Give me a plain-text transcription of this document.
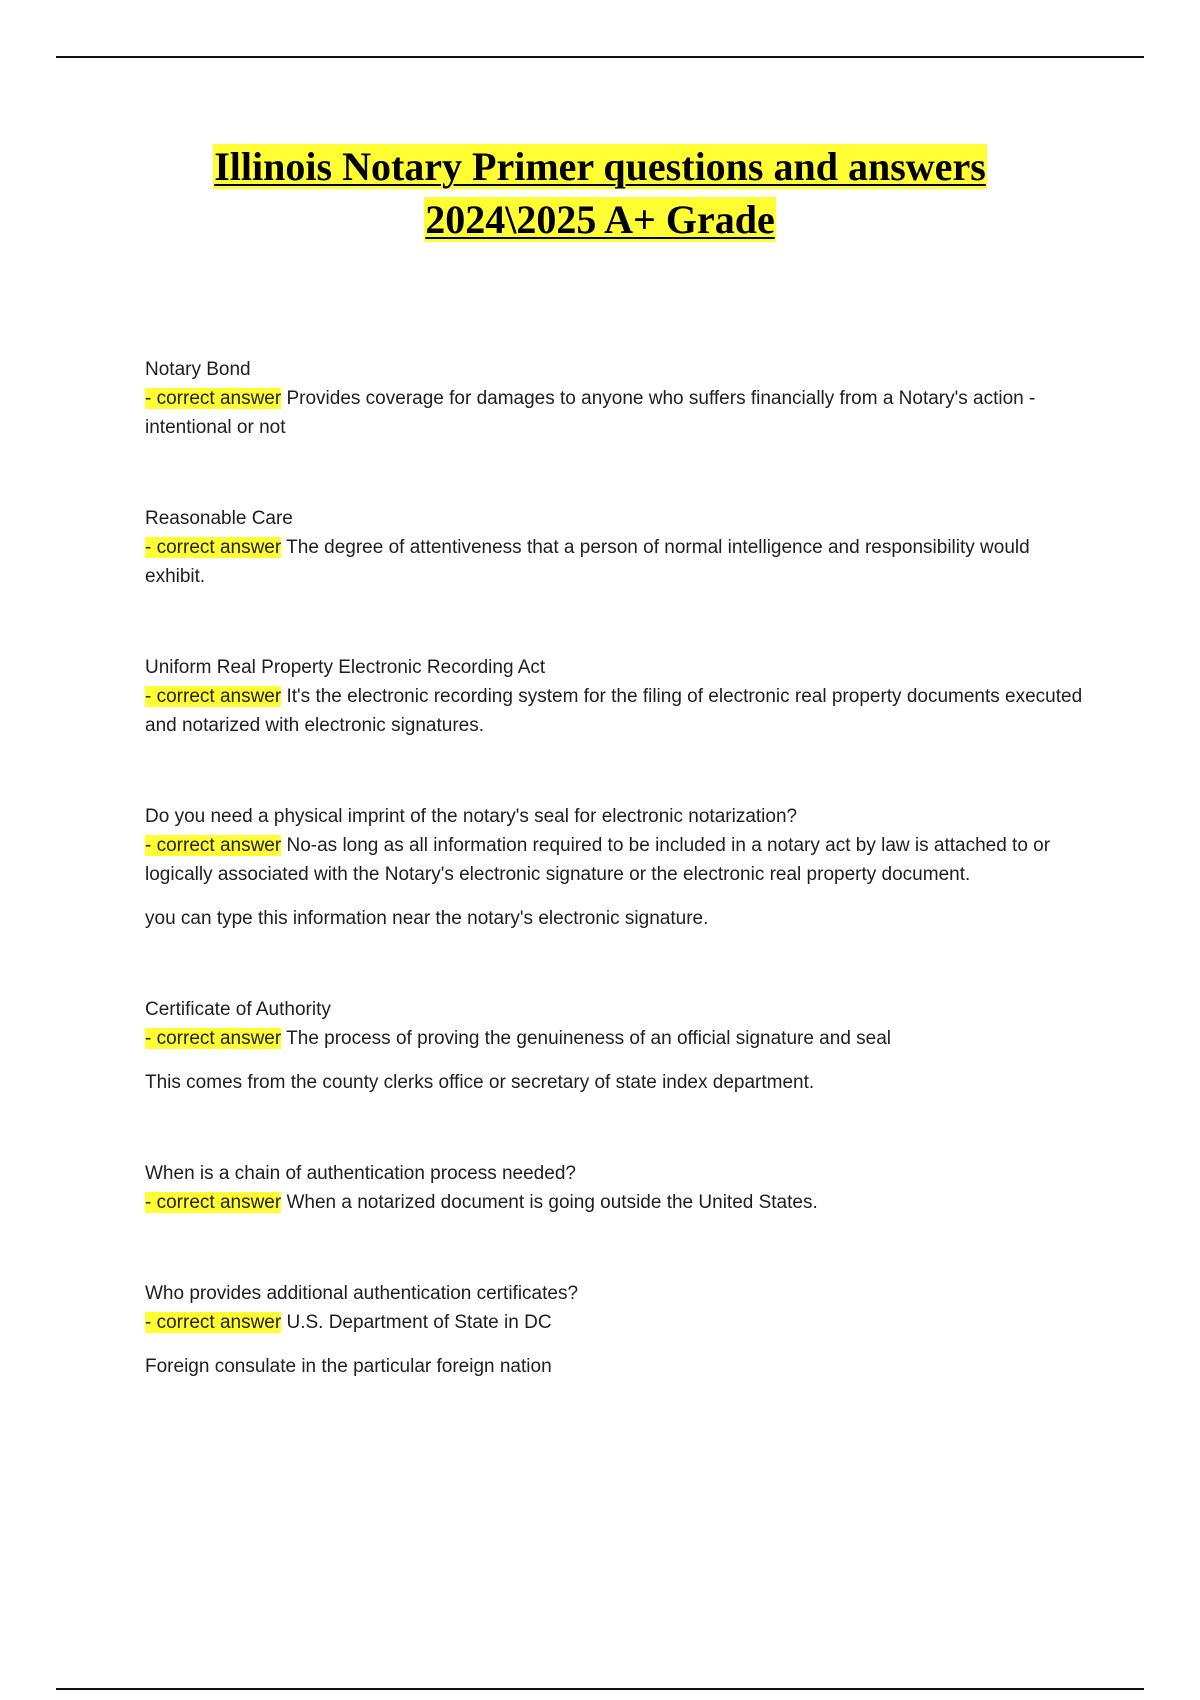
Illinois Notary Primer questions and answers
2024\2025 A+ Grade

Notary Bond

- correct answer Provides coverage for damages to anyone who suffers financially from a Notary's action - intentional or not

Reasonable Care

- correct answer The degree of attentiveness that a person of normal intelligence and responsibility would exhibit.

Uniform Real Property Electronic Recording Act

- correct answer It's the electronic recording system for the filing of electronic real property documents executed and notarized with electronic signatures.

Do you need a physical imprint of the notary's seal for electronic notarization?

- correct answer No-as long as all information required to be included in a notary act by law is attached to or logically associated with the Notary's electronic signature or the electronic real property document.

you can type this information near the notary's electronic signature.

Certificate of Authority

- correct answer The process of proving the genuineness of an official signature and seal

This comes from the county clerks office or secretary of state index department.

When is a chain of authentication process needed?

- correct answer When a notarized document is going outside the United States.

Who provides additional authentication certificates?

- correct answer U.S. Department of State in DC

Foreign consulate in the particular foreign nation
